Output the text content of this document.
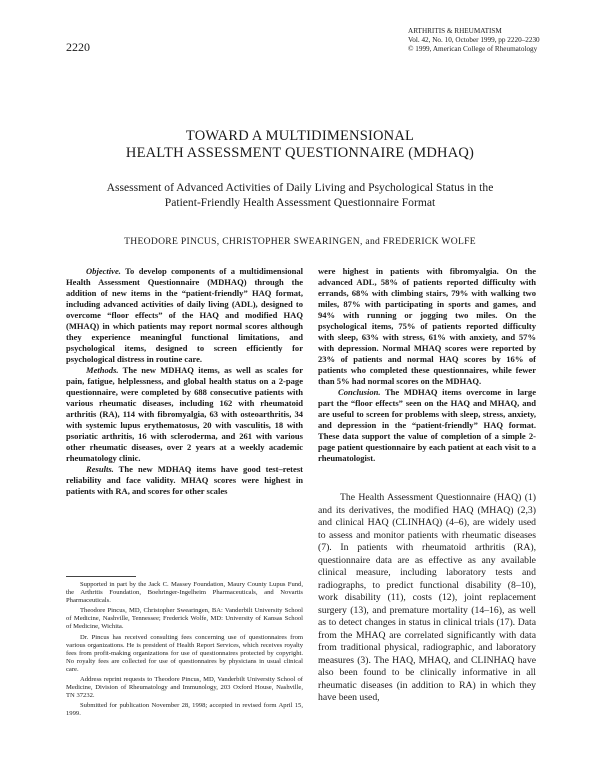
2220
ARTHRITIS & RHEUMATISM
Vol. 42, No. 10, October 1999, pp 2220–2230
© 1999, American College of Rheumatology
TOWARD A MULTIDIMENSIONAL
HEALTH ASSESSMENT QUESTIONNAIRE (MDHAQ)
Assessment of Advanced Activities of Daily Living and Psychological Status in the
Patient-Friendly Health Assessment Questionnaire Format
THEODORE PINCUS, CHRISTOPHER SWEARINGEN, and FREDERICK WOLFE

Objective. To develop components of a multidimensional Health Assessment Questionnaire (MDHAQ) through the addition of new items in the “patient-friendly” HAQ format, including advanced activities of daily living (ADL), designed to overcome “floor effects” of the HAQ and modified HAQ (MHAQ) in which patients may report normal scores although they experience meaningful functional limitations, and psychological items, designed to screen efficiently for psychological distress in routine care.

Methods. The new MDHAQ items, as well as scales for pain, fatigue, helplessness, and global health status on a 2-page questionnaire, were completed by 688 consecutive patients with various rheumatic diseases, including 162 with rheumatoid arthritis (RA), 114 with fibromyalgia, 63 with osteoarthritis, 34 with systemic lupus erythematosus, 20 with vasculitis, 18 with psoriatic arthritis, 16 with scleroderma, and 261 with various other rheumatic diseases, over 2 years at a weekly academic rheumatology clinic.

Results. The new MDHAQ items have good test–retest reliability and face validity. MHAQ scores were highest in patients with RA, and scores for other scales

were highest in patients with fibromyalgia. On the advanced ADL, 58% of patients reported difficulty with errands, 68% with climbing stairs, 79% with walking two miles, 87% with participating in sports and games, and 94% with running or jogging two miles. On the psychological items, 75% of patients reported difficulty with sleep, 63% with stress, 61% with anxiety, and 57% with depression. Normal MHAQ scores were reported by 23% of patients and normal HAQ scores by 16% of patients who completed these questionnaires, while fewer than 5% had normal scores on the MDHAQ.

Conclusion. The MDHAQ items overcome in large part the “floor effects” seen on the HAQ and MHAQ, and are useful to screen for problems with sleep, stress, anxiety, and depression in the “patient-friendly” HAQ format. These data support the value of completion of a simple 2-page patient questionnaire by each patient at each visit to a rheumatologist.

Supported in part by the Jack C. Massey Foundation, Maury County Lupus Fund, the Arthritis Foundation, Boehringer-Ingelheim Pharmaceuticals, and Novartis Pharmaceuticals.

Theodore Pincus, MD, Christopher Swearingen, BA: Vanderbilt University School of Medicine, Nashville, Tennessee; Frederick Wolfe, MD: University of Kansas School of Medicine, Wichita.

Dr. Pincus has received consulting fees concerning use of questionnaires from various organizations. He is president of Health Report Services, which receives royalty fees from profit-making organizations for use of questionnaires protected by copyright. No royalty fees are collected for use of questionnaires by physicians in usual clinical care.

Address reprint requests to Theodore Pincus, MD, Vanderbilt University School of Medicine, Division of Rheumatology and Immunology, 203 Oxford House, Nashville, TN 37232.

Submitted for publication November 28, 1998; accepted in revised form April 15, 1999.

The Health Assessment Questionnaire (HAQ) (1) and its derivatives, the modified HAQ (MHAQ) (2,3) and clinical HAQ (CLINHAQ) (4–6), are widely used to assess and monitor patients with rheumatic diseases (7). In patients with rheumatoid arthritis (RA), questionnaire data are as effective as any available clinical measure, including laboratory tests and radiographs, to predict functional disability (8–10), work disability (11), costs (12), joint replacement surgery (13), and premature mortality (14–16), as well as to detect changes in status in clinical trials (17). Data from the MHAQ are correlated significantly with data from traditional physical, radiographic, and laboratory measures (3). The HAQ, MHAQ, and CLINHAQ have also been found to be clinically informative in all rheumatic diseases (in addition to RA) in which they have been used,
